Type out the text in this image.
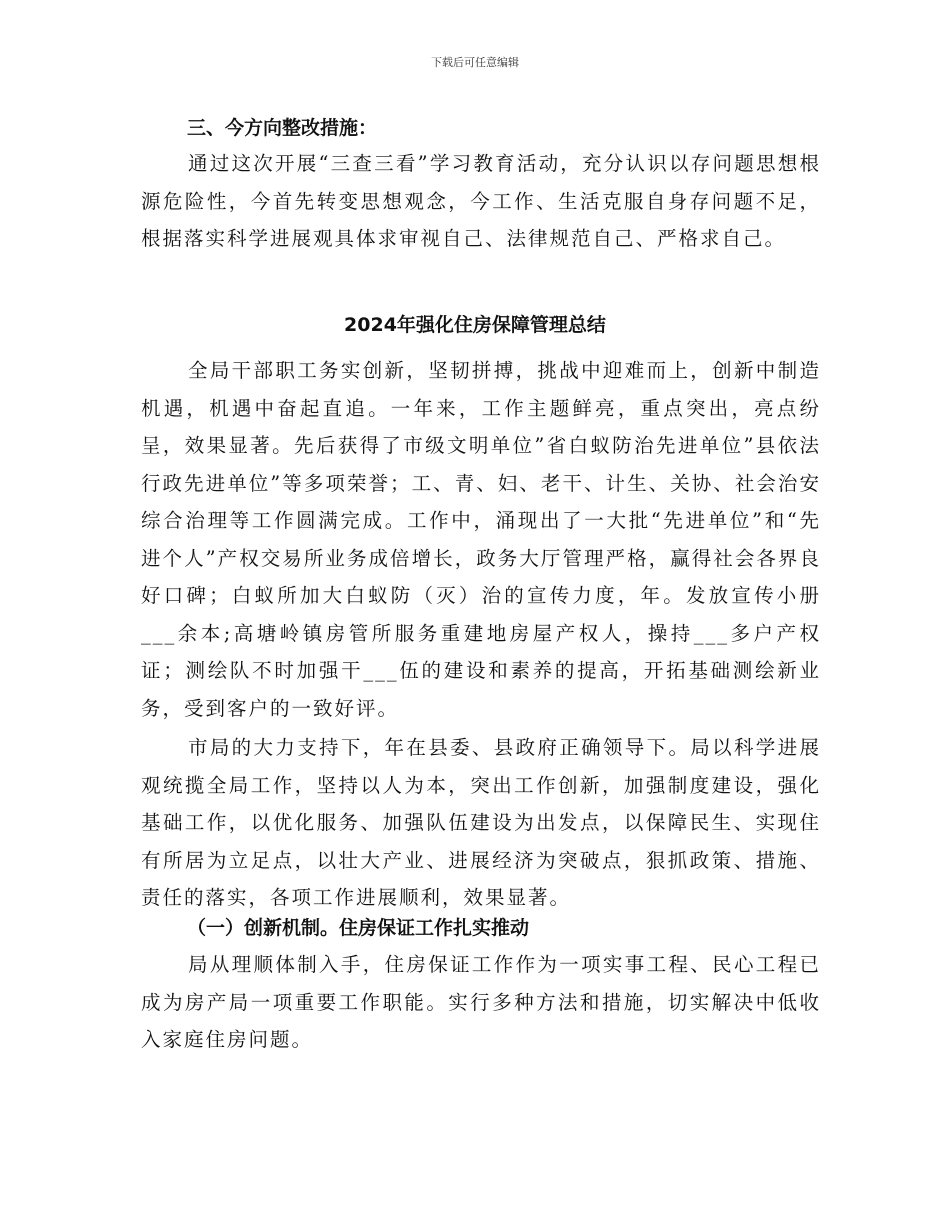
下载后可任意编辑
三、今方向整改措施：

通过这次开展“三查三看”学习教育活动，充分认识以存问题思想根源危险性，今首先转变思想观念，今工作、生活克服自身存问题不足，根据落实科学进展观具体求审视自己、法律规范自己、严格求自己。

2024年强化住房保障管理总结

全局干部职工务实创新，坚韧拼搏，挑战中迎难而上，创新中制造机遇，机遇中奋起直追。一年来，工作主题鲜亮，重点突出，亮点纷呈，效果显著。先后获得了市级文明单位”省白蚁防治先进单位”县依法行政先进单位”等多项荣誉；工、青、妇、老干、计生、关协、社会治安综合治理等工作圆满完成。工作中，涌现出了一大批“先进单位”和“先进个人”产权交易所业务成倍增长，政务大厅管理严格，赢得社会各界良好口碑；白蚁所加大白蚁防（灭）治的宣传力度，年。发放宣传小册___余本;高塘岭镇房管所服务重建地房屋产权人，操持___多户产权证；测绘队不时加强干___伍的建设和素养的提高，开拓基础测绘新业务，受到客户的一致好评。

市局的大力支持下，年在县委、县政府正确领导下。局以科学进展观统揽全局工作，坚持以人为本，突出工作创新，加强制度建设，强化基础工作，以优化服务、加强队伍建设为出发点，以保障民生、实现住有所居为立足点，以壮大产业、进展经济为突破点，狠抓政策、措施、责任的落实，各项工作进展顺利，效果显著。

（一）创新机制。住房保证工作扎实推动

局从理顺体制入手，住房保证工作作为一项实事工程、民心工程已成为房产局一项重要工作职能。实行多种方法和措施，切实解决中低收入家庭住房问题。
